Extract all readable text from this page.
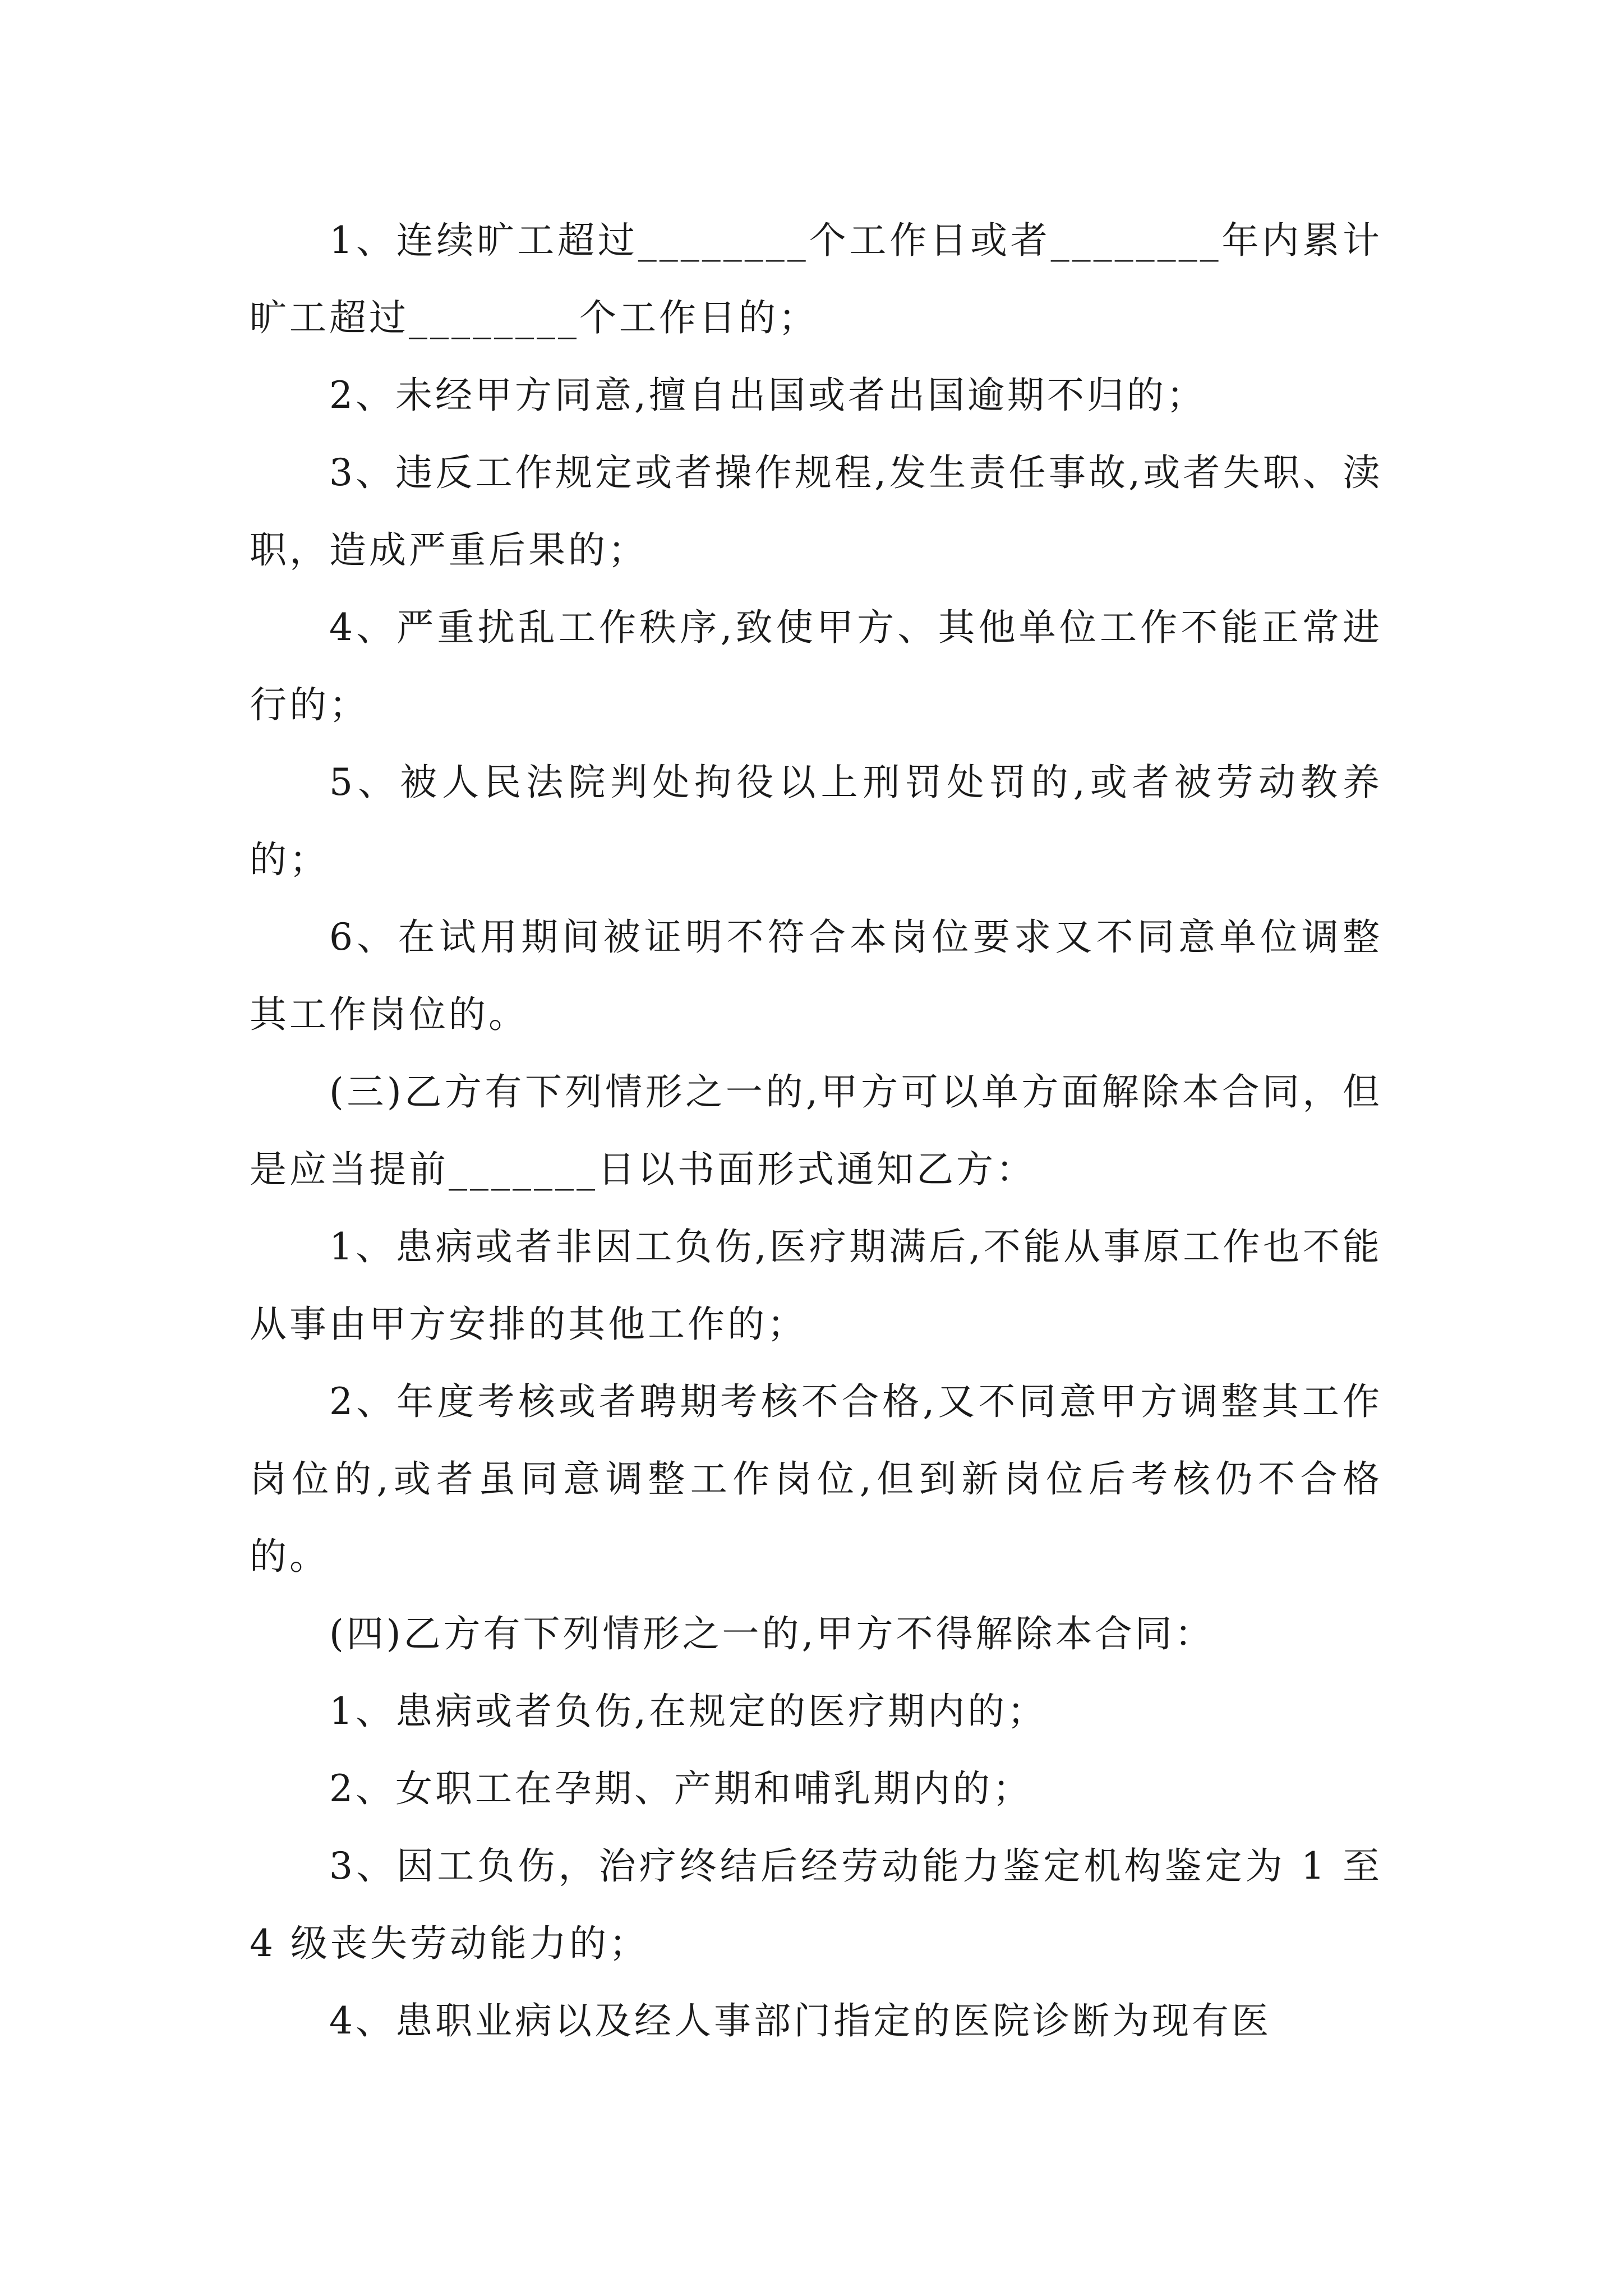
1、连续旷工超过________个工作日或者________年内累计旷工超过________个工作日的；

2、未经甲方同意,擅自出国或者出国逾期不归的；

3、违反工作规定或者操作规程,发生责任事故,或者失职、渎职，造成严重后果的；

4、严重扰乱工作秩序,致使甲方、其他单位工作不能正常进行的；

5、被人民法院判处拘役以上刑罚处罚的,或者被劳动教养的；

6、在试用期间被证明不符合本岗位要求又不同意单位调整其工作岗位的。

(三)乙方有下列情形之一的,甲方可以单方面解除本合同，但是应当提前_______日以书面形式通知乙方：

1、患病或者非因工负伤,医疗期满后,不能从事原工作也不能从事由甲方安排的其他工作的；

2、年度考核或者聘期考核不合格,又不同意甲方调整其工作岗位的,或者虽同意调整工作岗位,但到新岗位后考核仍不合格的。

(四)乙方有下列情形之一的,甲方不得解除本合同：

1、患病或者负伤,在规定的医疗期内的；

2、女职工在孕期、产期和哺乳期内的；

3、因工负伤，治疗终结后经劳动能力鉴定机构鉴定为 1 至 4 级丧失劳动能力的；

4、患职业病以及经人事部门指定的医院诊断为现有医
